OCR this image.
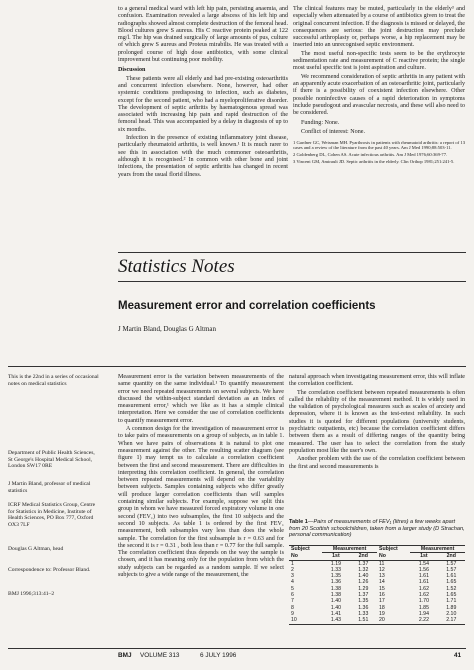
to a general medical ward with left hip pain, persisting anaemia, and confusion. Examination revealed a large abscess of his left hip and radiographs showed almost complete destruction of the femoral head. Blood cultures grew S aureus. His C reactive protein peaked at 122 mg/l. The hip was drained surgically of large amounts of pus, culture of which grew S aureus and Proteus mirabilis. He was treated with a prolonged course of high dose antibiotics, with some clinical improvement but continuing poor mobility.

Discussion

These patients were all elderly and had pre-existing osteoarthritis and concurrent infection elsewhere. None, however, had other systemic conditions predisposing to infection, such as diabetes, except for the second patient, who had a myeloproliferative disorder. The development of septic arthritis by haematogenous spread was associated with increasing hip pain and rapid destruction of the femoral head. This was accompanied by a delay in diagnosis of up to six months.

Infection in the presence of existing inflammatory joint disease, particularly rheumatoid arthritis, is well known.¹ It is much rarer to see this in association with the much commoner osteoarthritis, although it is recognised.² In common with other bone and joint infections, the presentation of septic arthritis has changed in recent years from the usual florid illness.

The clinical features may be muted, particularly in the elderly³ and especially when attenuated by a course of antibiotics given to treat the original concurrent infection. If the diagnosis is missed or delayed, the consequences are serious: the joint destruction may preclude successful arthroplasty or, perhaps worse, a hip replacement may be inserted into an unrecognised septic environment.

The most useful non-specific tests seem to be the erythrocyte sedimentation rate and measurement of C reactive protein; the single most useful specific test is joint aspiration and culture.

We recommend consideration of septic arthritis in any patient with an apparently acute exacerbation of an osteoarthritic joint, particularly if there is a possibility of coexistent infection elsewhere. Other possible noninfective causes of a rapid deterioration in symptoms include pseudogout and avascular necrosis, and these will also need to be considered.

Funding: None.

Conflict of interest: None.

1 Gardner GC, Weisman MH. Pyarthrosis in patients with rheumatoid arthritis: a report of 13 cases and a review of the literature from the past 40 years. Am J Med 1990;88:503-11.
2 Goldenberg DL, Cohen AS. Acute infectious arthritis. Am J Med 1976;60:369-77.
3 Vincent GM, Amirault JD. Septic arthritis in the elderly. Clin Orthop 1981;251:241-5.
Statistics Notes
Measurement error and correlation coefficients
J Martin Bland, Douglas G Altman
This is the 22nd in a series of occasional notes on medical statistics
Department of Public Health Sciences, St George's Hospital Medical School, London SW17 0RE
J Martin Bland, professor of medical statistics
ICRF Medical Statistics Group, Centre for Statistics in Medicine, Institute of Health Sciences, PO Box 777, Oxford OX3 7LF
Douglas G Altman, head
Correspondence to: Professor Bland.
BMJ 1996;313:41–2

Measurement error is the variation between measurements of the same quantity on the same individual.¹ To quantify measurement error we need repeated measurements on several subjects. We have discussed the within-subject standard deviation as an index of measurement error,¹ which we like as it has a simple clinical interpretation. Here we consider the use of correlation coefficients to quantify measurement error.

A common design for the investigation of measurement error is to take pairs of measurements on a group of subjects, as in table 1. When we have pairs of observations it is natural to plot one measurement against the other. The resulting scatter diagram (see figure 1) may tempt us to calculate a correlation coefficient between the first and second measurement. There are difficulties in interpreting this correlation coefficient. In general, the correlation between repeated measurements will depend on the variability between subjects. Samples containing subjects who differ greatly will produce larger correlation coefficients than will samples containing similar subjects. For example, suppose we split this group in whom we have measured forced expiratory volume in one second (FEV₁) into two subsamples, the first 10 subjects and the second 10 subjects. As table 1 is ordered by the first FEV₁ measurement, both subsamples vary less than does the whole sample. The correlation for the first subsample is r = 0.63 and for the second it is r = 0.31 , both less than r = 0.77 for the full sample. The correlation coefficient thus depends on the way the sample is chosen, and it has meaning only for the population from which the study subjects can be regarded as a random sample. If we select subjects to give a wide range of the measurement, the

natural approach when investigating measurement error, this will inflate the correlation coefficient.

The correlation coefficient between repeated measurements is often called the reliability of the measurement method. It is widely used in the validation of psychological measures such as scales of anxiety and depression, where it is known as the test-retest reliability. In such studies it is quoted for different populations (university students, psychiatric outpatients, etc) because the correlation coefficient differs between them as a result of differing ranges of the quantity being measured. The user has to select the correlation from the study population most like the user's own.

Another problem with the use of the correlation coefficient between the first and second measurements is

Table 1—Pairs of measurements of FEV₁ (litres) a few weeks apart from 20 Scottish schoolchildren, taken from a larger study (D Strachan, personal communication)
Subject	Measurement		Subject	Measurement	
No	1st	2nd	No	1st	2nd
1	1.19	1.37	11	1.54	1.57
2	1.33	1.32	12	1.56	1.57
3	1.35	1.40	13	1.61	1.61
4	1.36	1.26	14	1.61	1.65
5	1.38	1.29	15	1.62	1.52
6	1.38	1.37	16	1.62	1.65
7	1.40	1.35	17	1.70	1.71
8	1.40	1.36	18	1.85	1.89
9	1.41	1.33	19	1.94	2.10
10	1.43	1.51	20	2.22	2.17
BMJ VOLUME 313	6 JULY 1996	41
